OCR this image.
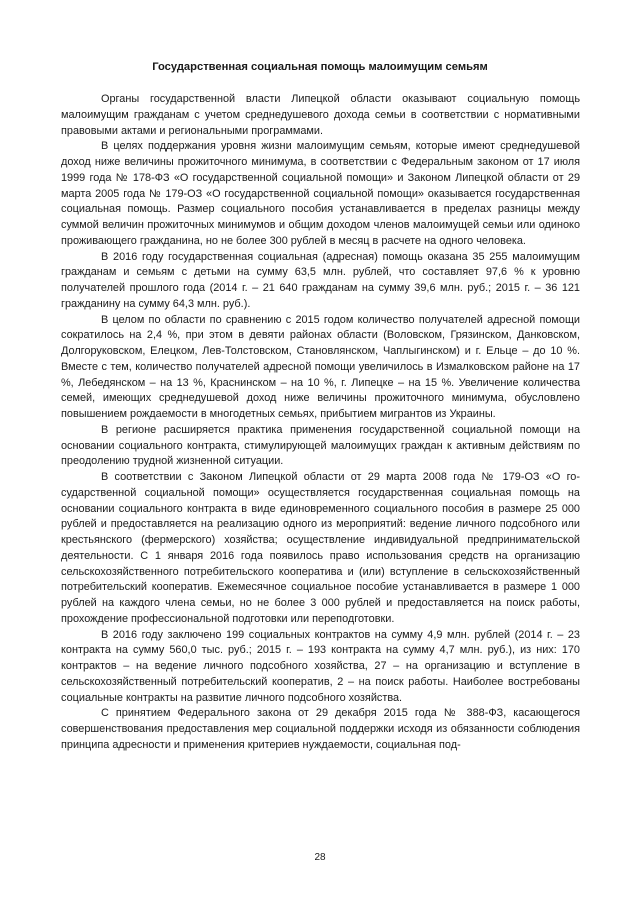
Государственная социальная помощь малоимущим семьям

Органы государственной власти Липецкой области оказывают социальную помощь малоимущим гражданам с учетом среднедушевого дохода семьи в соответствии с нормативными правовыми актами и региональными программами.

В целях поддержания уровня жизни малоимущим семьям, которые имеют среднедушевой доход ниже величины прожиточного минимума, в соответствии с Федеральным законом от 17 июля 1999 года № 178-ФЗ «О государственной социальной помощи» и Законом Липецкой области от 29 марта 2005 года № 179-ОЗ «О государственной социальной помощи» оказывается государственная социальная помощь. Размер социального пособия устанавливается в пределах разницы между суммой величин прожиточных минимумов и общим доходом членов малоимущей семьи или одиноко проживающего гражданина, но не более 300 рублей в месяц в расчете на одного человека.

В 2016 году государственная социальная (адресная) помощь оказана 35 255 малоимущим гражданам и семьям с детьми на сумму 63,5 млн. рублей, что составляет 97,6 % к уровню получателей прошлого года (2014 г. – 21 640 гражданам на сумму 39,6 млн. руб.; 2015 г. – 36 121 гражданину на сумму 64,3 млн. руб.).

В целом по области по сравнению с 2015 годом количество получателей адресной помощи сократилось на 2,4 %, при этом в девяти районах области (Воловском, Грязинском, Данковском, Долгоруковском, Елецком, Лев-Толстовском, Становлянском, Чаплыгинском) и г. Ельце – до 10 %. Вместе с тем, количество получателей адресной помощи увеличилось в Измалковском районе на 17 %, Лебедянском – на 13 %, Краснинском – на 10 %, г. Липецке – на 15 %. Увеличение количества семей, имеющих среднедушевой доход ниже величины прожиточного минимума, обусловлено повышением рождаемости в многодетных семьях, прибытием мигрантов из Украины.

В регионе расширяется практика применения государственной социальной помощи на основании социального контракта, стимулирующей малоимущих граждан к активным действиям по преодолению трудной жизненной ситуации.

В соответствии с Законом Липецкой области от 29 марта 2008 года № 179-ОЗ «О государственной социальной помощи» осуществляется государственная социальная помощь на основании социального контракта в виде единовременного социального пособия в размере 25 000 рублей и предоставляется на реализацию одного из мероприятий: ведение личного подсобного или крестьянского (фермерского) хозяйства; осуществление индивидуальной предпринимательской деятельности. С 1 января 2016 года появилось право использования средств на организацию сельскохозяйственного потребительского кооператива и (или) вступление в сельскохозяйственный потребительский кооператив. Ежемесячное социальное пособие устанавливается в размере 1 000 рублей на каждого члена семьи, но не более 3 000 рублей и предоставляется на поиск работы, прохождение профессиональной подготовки или переподготовки.

В 2016 году заключено 199 социальных контрактов на сумму 4,9 млн. рублей (2014 г. – 23 контракта на сумму 560,0 тыс. руб.; 2015 г. – 193 контракта на сумму 4,7 млн. руб.), из них: 170 контрактов – на ведение личного подсобного хозяйства, 27 – на организацию и вступление в сельскохозяйственный потребительский кооператив, 2 – на поиск работы. Наиболее востребованы социальные контракты на развитие личного подсобного хозяйства.

С принятием Федерального закона от 29 декабря 2015 года № 388-ФЗ, касающегося совершенствования предоставления мер социальной поддержки исходя из обязанности соблюдения принципа адресности и применения критериев нуждаемости, социальная под-

28
